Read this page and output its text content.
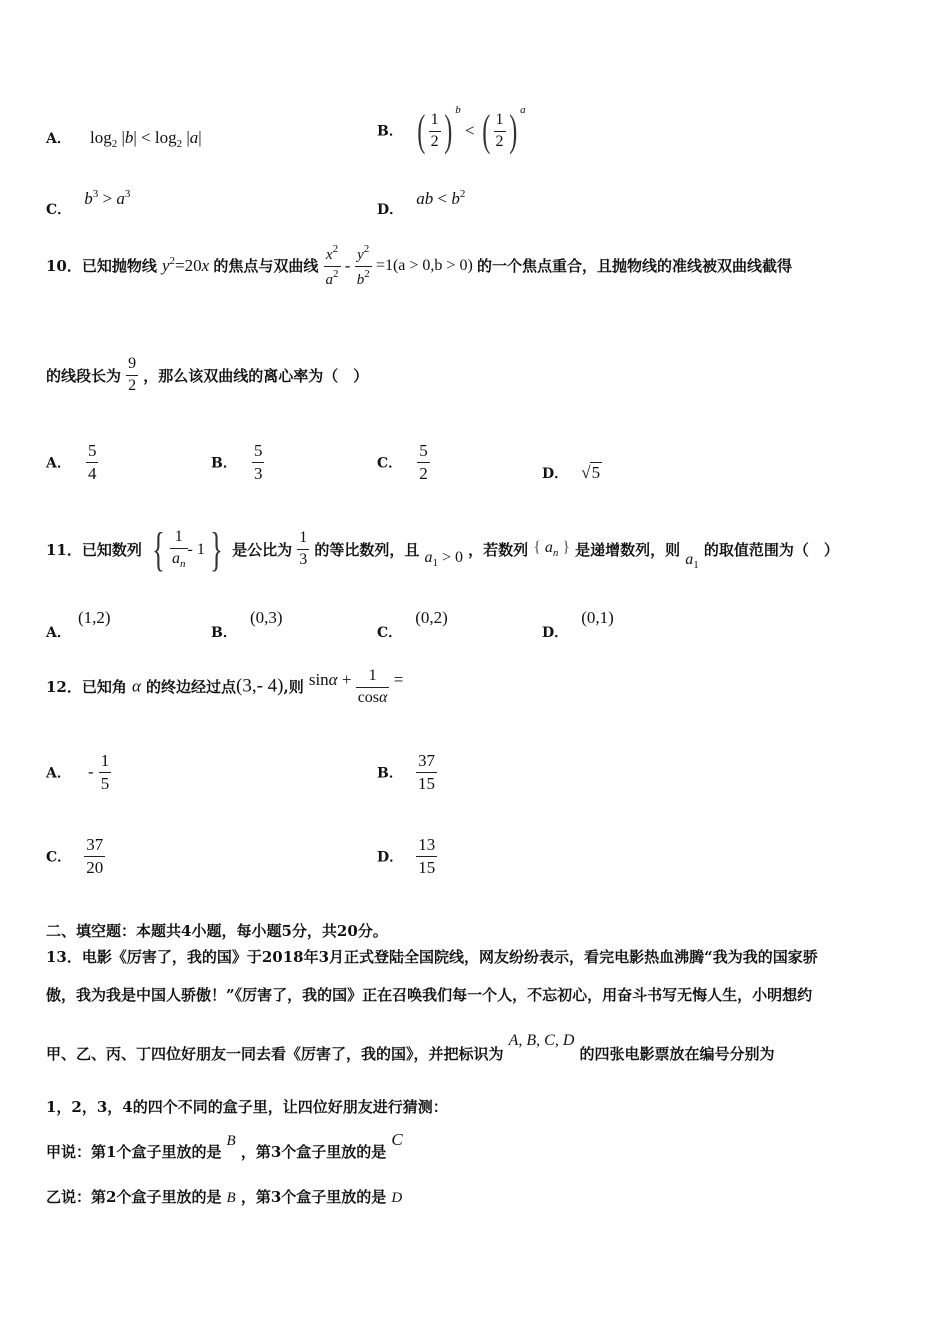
A． $\log_2 |b| < \log_2 |a|$	B． ( $\frac{1}{2}$ ) $^b$ < ( $\frac{1}{2}$ ) $^a$
C． $b^3 > a^3$
D． ab < $b^2$
10．已知抛物线 $y^2=20x$ 的焦点与双曲线 $\frac{x^2}{a^2} - \frac{y^2}{b^2} =1(a > 0,b > 0)$ 的一个焦点重合，且抛物线的准线被双曲线截得
的线段长为 $\frac{9}{2}$ ，那么该双曲线的离心率为（　）
A． $\frac{5}{4}$	B． $\frac{5}{3}$	C． $\frac{5}{2}$	D． √5
11．已知数列 { $\frac{1}{a_n} - 1$ } 是公比为 $\frac{1}{3}$ 的等比数列，且 $a_1 > 0$ ，若数列 { $a_n$ } 是递增数列，则 $a_1$ 的取值范围为（　）
A． (1,2)
B． (0,3)
C． (0,2)
D． (0,1)
12．已知角 α 的终边经过点(3,- 4),则 $\sin\alpha + \frac{1}{\cos\alpha}$ =
A． - $\frac{1}{5}$	B． $\frac{37}{15}$
C． $\frac{37}{20}$	D． $\frac{13}{15}$
二、填空题：本题共4小题，每小题5分，共20分。
13．电影《厉害了，我的国》于2018年3月正式登陆全国院线，网友纷纷表示，看完电影热血沸腾“我为我的国家骄
傲，我为我是中国人骄傲！”《厉害了，我的国》正在召唤我们每一个人，不忘初心，用奋斗书写无悔人生，小明想约
甲、乙、丙、丁四位好朋友一同去看《厉害了，我的国》，并把标识为 A, B, C, D 的四张电影票放在编号分别为
1，2，3，4的四个不同的盒子里，让四位好朋友进行猜测：
甲说：第1个盒子里放的是 B ，第3个盒子里放的是 C
乙说：第2个盒子里放的是 B ，第3个盒子里放的是 D
